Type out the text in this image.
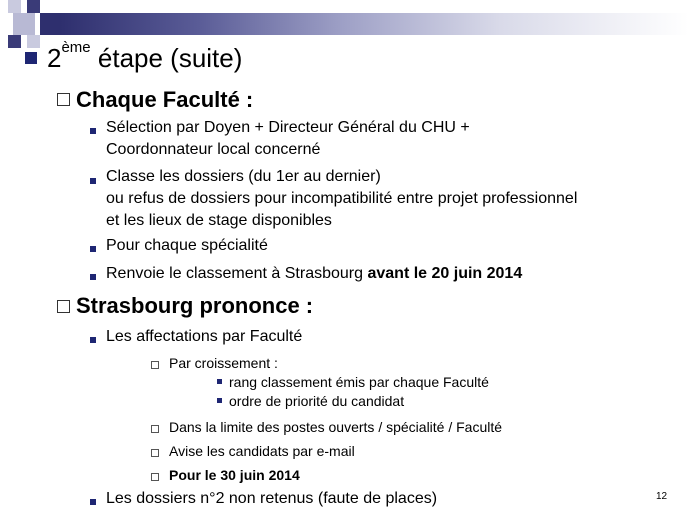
2ème étape (suite)
Chaque Faculté :
Sélection par Doyen + Directeur Général du CHU +
Coordonnateur local concerné
Classe les dossiers (du 1er au dernier)
ou refus de dossiers pour incompatibilité entre projet professionnel
et les lieux de stage disponibles
Pour chaque spécialité
Renvoie le classement à Strasbourg avant le 20 juin 2014
Strasbourg prononce :
Les affectations par Faculté
Par croissement :
rang classement émis par chaque Faculté
ordre de priorité du candidat
Dans la limite des postes ouverts / spécialité / Faculté
Avise les candidats par e-mail
Pour le 30 juin 2014
Les dossiers n°2 non retenus (faute de places)	12
